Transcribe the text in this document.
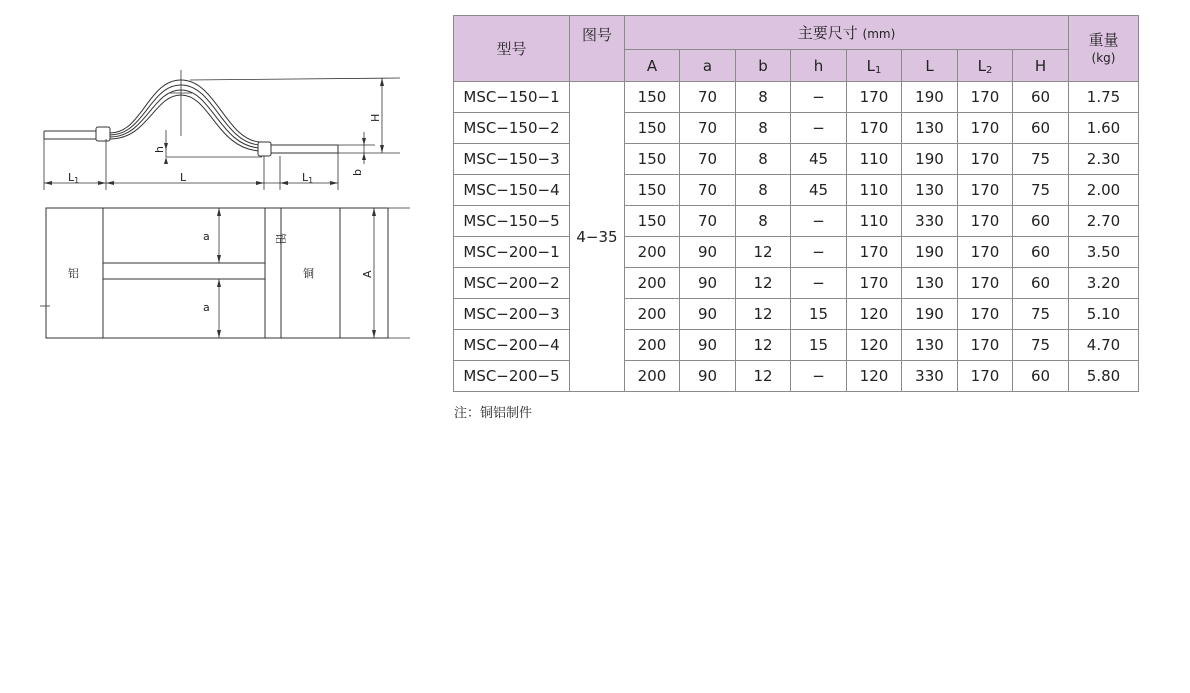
L1	L	L1
h
H
b
a
a
A
铝
铝
铜
型号	图号	主要尺寸 (mm)								重量
(kg)

		A	a	b	h	$L_1$	L	$L_2$	H	
MSC−150−1	4−35	150	70	8	−	170	190	170	60	1.75
MSC−150−2		150	70	8	−	170	130	170	60	1.60
MSC−150−3		150	70	8	45	110	190	170	75	2.30
MSC−150−4		150	70	8	45	110	130	170	75	2.00
MSC−150−5		150	70	8	−	110	330	170	60	2.70
MSC−200−1		200	90	12	−	170	190	170	60	3.50
MSC−200−2		200	90	12	−	170	130	170	60	3.20
MSC−200−3		200	90	12	15	120	190	170	75	5.10
MSC−200−4		200	90	12	15	120	130	170	75	4.70
MSC−200−5		200	90	12	−	120	330	170	60	5.80
注：铜铝制件
